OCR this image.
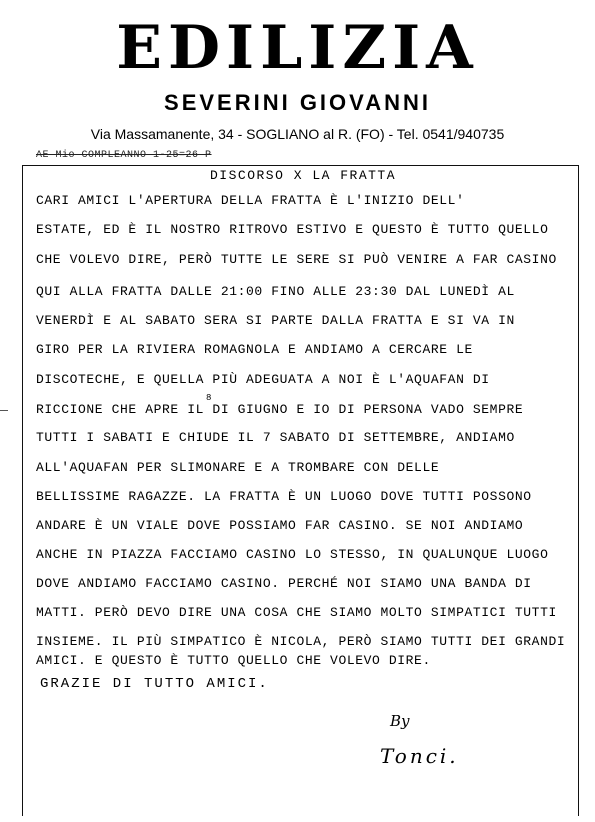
EDILIZIA
SEVERINI GIOVANNI
Via Massamanente, 34 - SOGLIANO al R. (FO) - Tel. 0541/940735
AE Mio COMPLEANNO 1-25=26 P
DISCORSO X LA FRATTA
CARI AMICI L'APERTURA DELLA FRATTA È L'INIZIO DELL'
ESTATE, ED È IL NOSTRO RITROVO ESTIVO E QUESTO È TUTTO QUELLO
CHE VOLEVO DIRE, PERÒ TUTTE LE SERE SI PUÒ VENIRE A FAR CASINO
QUI ALLA FRATTA DALLE 21:00 FINO ALLE 23:30 DAL LUNEDÌ AL
VENERDÌ E AL SABATO SERA SI PARTE DALLA FRATTA E SI VA IN
GIRO PER LA RIVIERA ROMAGNOLA E ANDIAMO A CERCARE LE
DISCOTECHE, E QUELLA PIÙ ADEGUATA A NOI È L'AQUAFAN DI
RICCIONE CHE APRE IL DI GIUGNO E IO DI PERSONA VADO SEMPRE
TUTTI I SABATI E CHIUDE IL 7 SABATO DI SETTEMBRE, ANDIAMO
ALL'AQUAFAN PER SLIMONARE E A TROMBARE CON DELLE
BELLISSIME RAGAZZE. LA FRATTA È UN LUOGO DOVE TUTTI POSSONO
ANDARE È UN VIALE DOVE POSSIAMO FAR CASINO. SE NOI ANDIAMO
ANCHE IN PIAZZA FACCIAMO CASINO LO STESSO, IN QUALUNQUE LUOGO
DOVE ANDIAMO FACCIAMO CASINO. PERCHÉ NOI SIAMO UNA BANDA DI
MATTI. PERÒ DEVO DIRE UNA COSA CHE SIAMO MOLTO SIMPATICI TUTTI
INSIEME. IL PIÙ SIMPATICO È NICOLA, PERÒ SIAMO TUTTI DEI GRANDI
AMICI. E QUESTO È TUTTO QUELLO CHE VOLEVO DIRE.
8
GRAZIE DI TUTTO AMICI.
By
Tonci.
